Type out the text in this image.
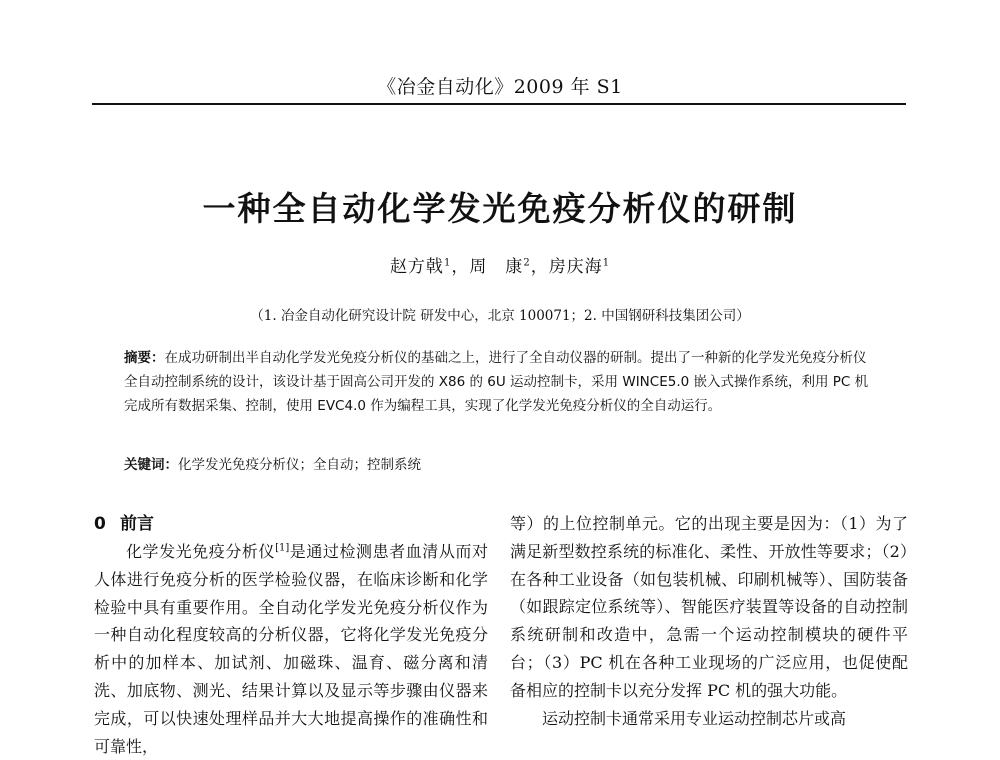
《冶金自动化》2009 年 S1
一种全自动化学发光免疫分析仪的研制
赵方戟$^1$，周　康$^2$，房庆海$^1$
（1. 冶金自动化研究设计院 研发中心，北京 100071；2. 中国钢研科技集团公司）

摘要：在成功研制出半自动化学发光免疫分析仪的基础之上，进行了全自动仪器的研制。提出了一种新的化学发光免疫分析仪全自动控制系统的设计，该设计基于固高公司开发的 X86 的 6U 运动控制卡，采用 WINCE5.0 嵌入式操作系统，利用 PC 机完成所有数据采集、控制，使用 EVC4.0 作为编程工具，实现了化学发光免疫分析仪的全自动运行。

关键词：化学发光免疫分析仪；全自动；控制系统

0 前言

化学发光免疫分析仪[1]是通过检测患者血清从而对人体进行免疫分析的医学检验仪器，在临床诊断和化学检验中具有重要作用。全自动化学发光免疫分析仪作为一种自动化程度较高的分析仪器，它将化学发光免疫分析中的加样本、加试剂、加磁珠、温育、磁分离和清洗、加底物、测光、结果计算以及显示等步骤由仪器来完成，可以快速处理样品并大大地提高操作的准确性和可靠性，

等）的上位控制单元。它的出现主要是因为：（1）为了满足新型数控系统的标准化、柔性、开放性等要求；（2）在各种工业设备（如包装机械、印刷机械等）、国防装备（如跟踪定位系统等）、智能医疗装置等设备的自动控制系统研制和改造中，急需一个运动控制模块的硬件平台；（3）PC 机在各种工业现场的广泛应用，也促使配备相应的控制卡以充分发挥 PC 机的强大功能。

运动控制卡通常采用专业运动控制芯片或高
